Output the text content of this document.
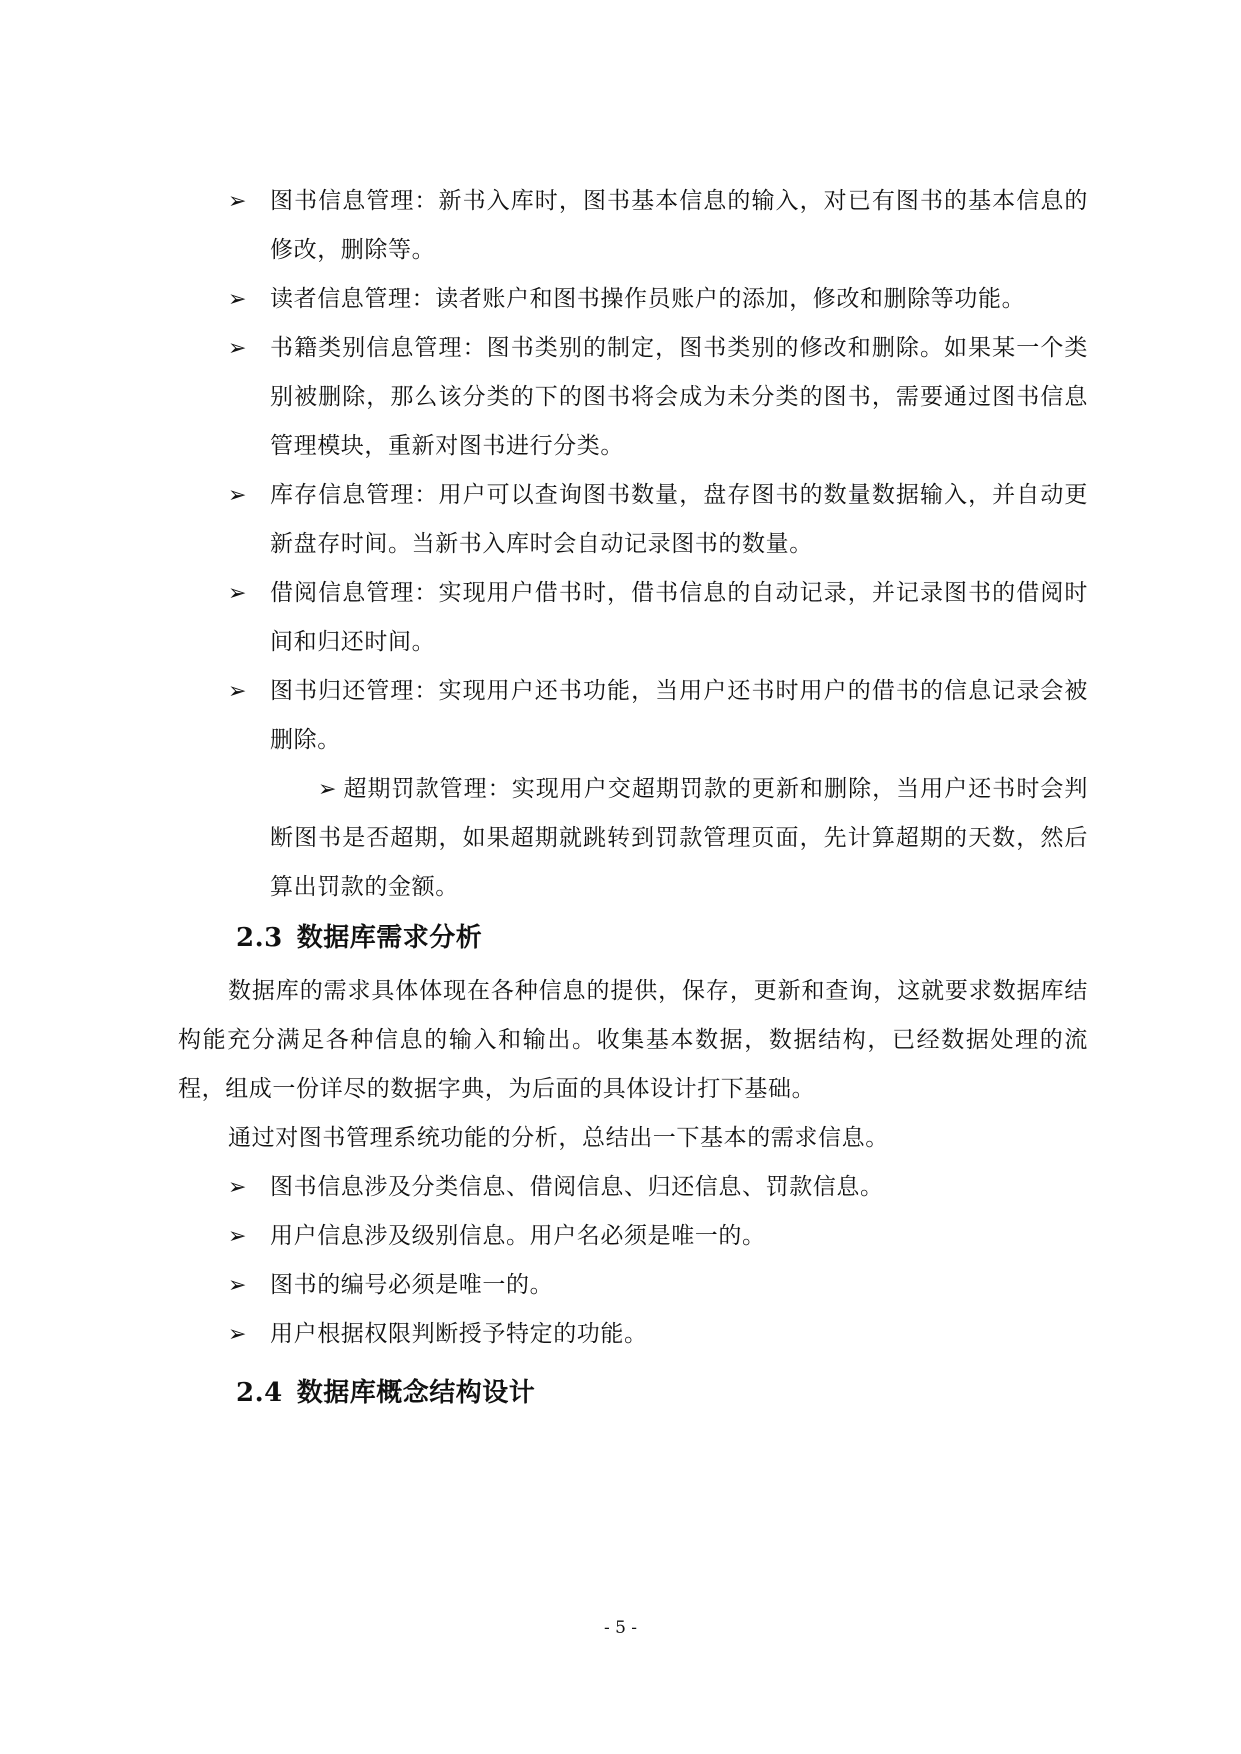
➢ 图书信息管理：新书入库时，图书基本信息的输入，对已有图书的基本信息的修改，删除等。
➢ 读者信息管理：读者账户和图书操作员账户的添加，修改和删除等功能。
➢ 书籍类别信息管理：图书类别的制定，图书类别的修改和删除。如果某一个类别被删除，那么该分类的下的图书将会成为未分类的图书，需要通过图书信息管理模块，重新对图书进行分类。
➢ 库存信息管理：用户可以查询图书数量，盘存图书的数量数据输入，并自动更新盘存时间。当新书入库时会自动记录图书的数量。
➢ 借阅信息管理：实现用户借书时，借书信息的自动记录，并记录图书的借阅时间和归还时间。
➢ 图书归还管理：实现用户还书功能，当用户还书时用户的借书的信息记录会被删除。
➢ 超期罚款管理：实现用户交超期罚款的更新和删除，当用户还书时会判断图书是否超期，如果超期就跳转到罚款管理页面，先计算超期的天数，然后算出罚款的金额。
2.3 数据库需求分析
数据库的需求具体体现在各种信息的提供，保存，更新和查询，这就要求数据库结构能充分满足各种信息的输入和输出。收集基本数据，数据结构，已经数据处理的流程，组成一份详尽的数据字典，为后面的具体设计打下基础。
通过对图书管理系统功能的分析，总结出一下基本的需求信息。
➢ 图书信息涉及分类信息、借阅信息、归还信息、罚款信息。
➢ 用户信息涉及级别信息。用户名必须是唯一的。
➢ 图书的编号必须是唯一的。
➢ 用户根据权限判断授予特定的功能。
2.4 数据库概念结构设计
- 5 -
